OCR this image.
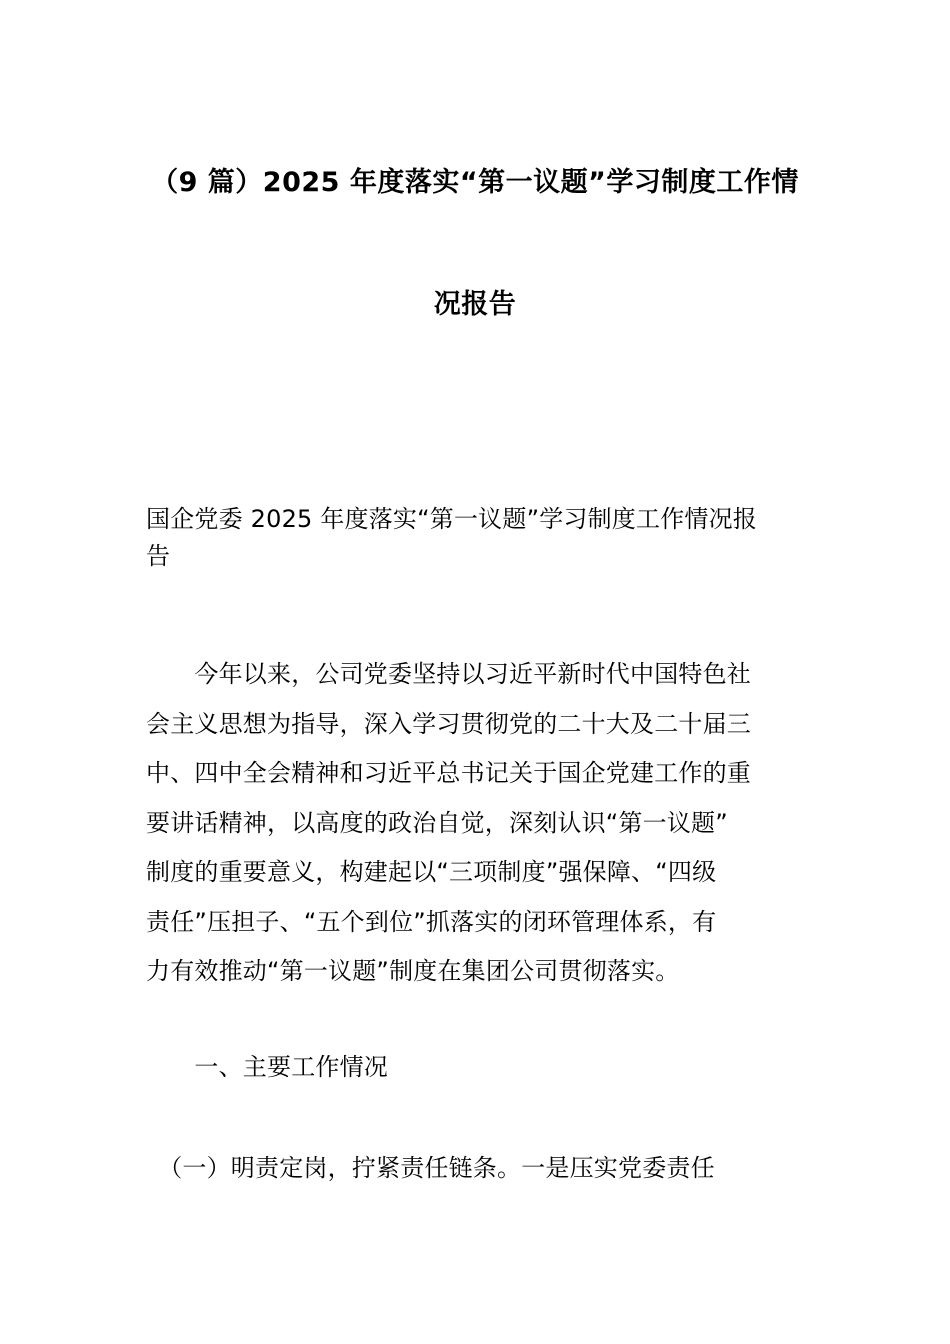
（9 篇）2025 年度落实“第一议题”学习制度工作情
况报告
国企党委 2025 年度落实“第一议题”学习制度工作情况报
告
　　今年以来，公司党委坚持以习近平新时代中国特色社
会主义思想为指导，深入学习贯彻党的二十大及二十届三
中、四中全会精神和习近平总书记关于国企党建工作的重
要讲话精神，以高度的政治自觉，深刻认识“第一议题”
制度的重要意义，构建起以“三项制度”强保障、“四级
责任”压担子、“五个到位”抓落实的闭环管理体系，有
力有效推动“第一议题”制度在集团公司贯彻落实。
　　一、主要工作情况
　（一）明责定岗，拧紧责任链条。一是压实党委责任
